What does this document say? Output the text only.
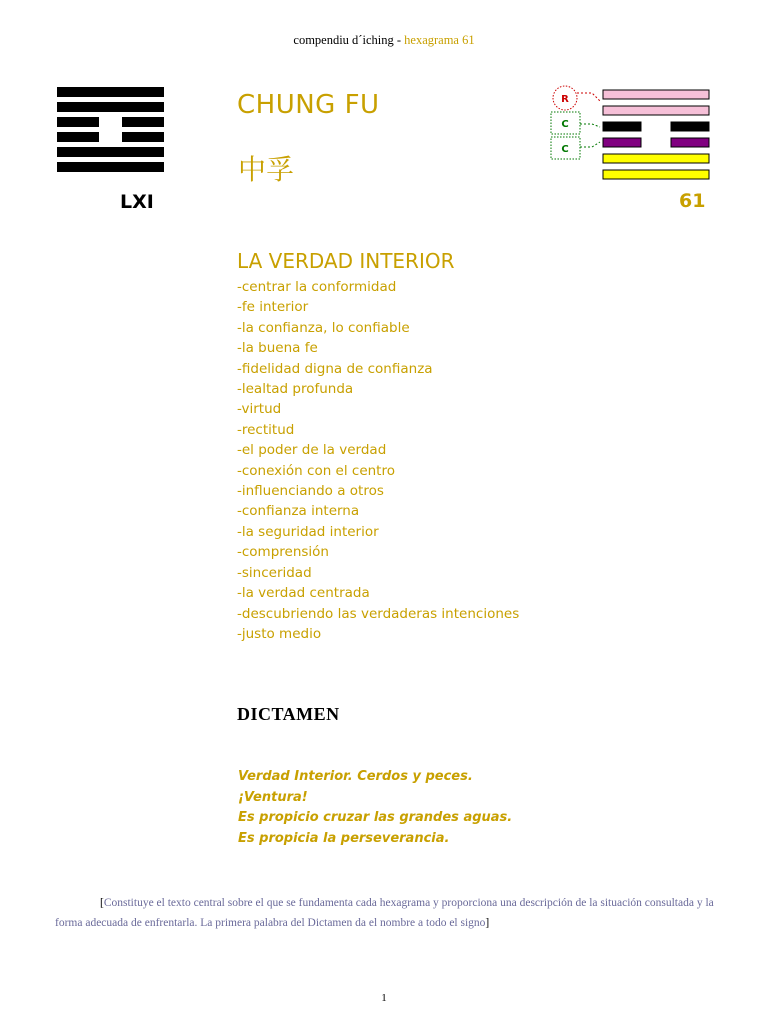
compendiu d´iching - hexagrama 61
LXI
CHUNG FU
中孚
R
C
C
61
LA VERDAD INTERIOR
-centrar la conformidad
-fe interior
-la confianza, lo confiable
-la buena fe
-fidelidad digna de confianza
-lealtad profunda
-virtud
-rectitud
-el poder de la verdad
-conexión con el centro
-influenciando a otros
-confianza interna
-la seguridad interior
-comprensión
-sinceridad
-la verdad centrada
-descubriendo las verdaderas intenciones
-justo medio
DICTAMEN
Verdad Interior. Cerdos y peces.
¡Ventura!
Es propicio cruzar las grandes aguas.
Es propicia la perseverancia.
[Constituye el texto central sobre el que se fundamenta cada hexagrama y proporciona una descripción de la situación consultada y la forma adecuada de enfrentarla. La primera palabra del Dictamen da el nombre a todo el signo]
1
